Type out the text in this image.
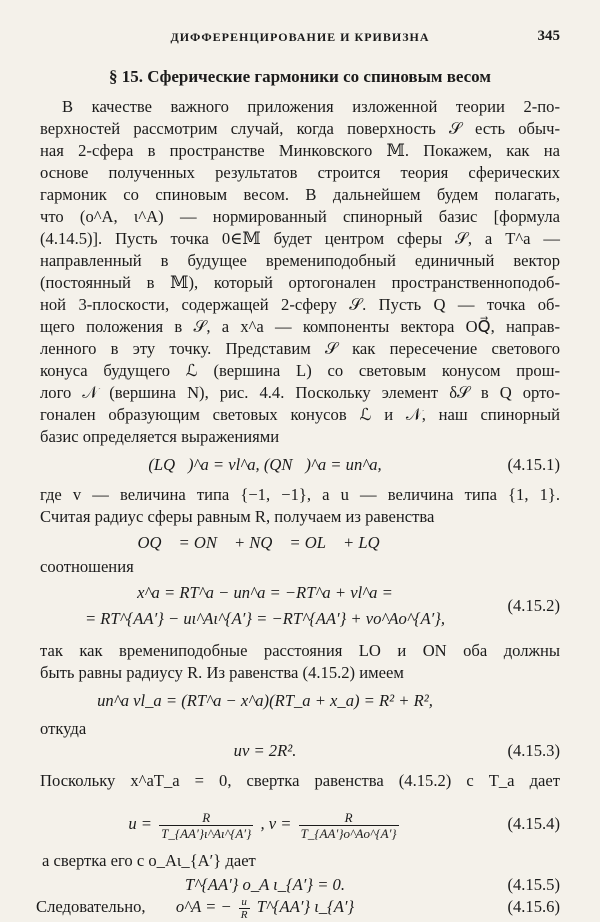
ДИФФЕРЕНЦИРОВАНИЕ И КРИВИЗНА	345
§ 15. Сферические гармоники со спиновым весом
В качестве важного приложения изложенной теории 2-по-
верхностей рассмотрим случай, когда поверхность 𝒮 есть обыч-
ная 2-сфера в пространстве Минковского 𝕄. Покажем, как на
основе полученных результатов строится теория сферических
гармоник со спиновым весом. В дальнейшем будем полагать,
что (o^A, ι^A) — нормированный спинорный базис [формула
(4.14.5)]. Пусть точка 0∈𝕄 будет центром сферы 𝒮, а T^a —
направленный в будущее времениподобный единичный вектор
(постоянный в 𝕄), который ортогонален пространственноподоб-
ной 3-плоскости, содержащей 2-сферу 𝒮. Пусть Q — точка об-
щего положения в 𝒮, а x^a — компоненты вектора OQ⃗, направ-
ленного в эту точку. Представим 𝒮 как пересечение светового
конуса будущего ℒ (вершина L) со световым конусом прош-
лого 𝒩 (вершина N), рис. 4.4. Поскольку элемент δ𝒮 в Q орто-
гонален образующим световых конусов ℒ и 𝒩, наш спинорный
базис определяется выражениями
(LQ⃗)^a = vl^a, (QN⃗)^a = un^a,	(4.15.1)
где v — величина типа {−1, −1}, а u — величина типа {1, 1}.
Считая радиус сферы равным R, получаем из равенства
OQ⃗ = ON⃗ + NQ⃗ = OL⃗ + LQ⃗
соотношения
x^a = RT^a − un^a = −RT^a + vl^a =
= RT^{AA′} − uι^Aι^{A′} = −RT^{AA′} + vo^Ao^{A′},
(4.15.2)
так как времениподобные расстояния LO и ON оба должны
быть равны радиусу R. Из равенства (4.15.2) имеем
un^a vl_a = (RT^a − x^a)(RT_a + x_a) = R² + R²,
откуда
uv = 2R².	(4.15.3)
Поскольку x^aT_a = 0, свертка равенства (4.15.2) с T_a дает
$u = \frac{R}{T\_\{AA'\}\iota\^{}A\iota\^{}\{A'\}}$ , $v = \frac{R}{T\_\{AA'\}o\^{}Ao\^{}\{A'\}}$	(4.15.4)
а свертка его с o_Aι_{A′} дает
T^{AA′} o_A ι_{A′} = 0.	(4.15.5)
Следовательно,	o^A = − $\frac{u}{R}$ T^{AA′} ι_{A′}	(4.15.6)
